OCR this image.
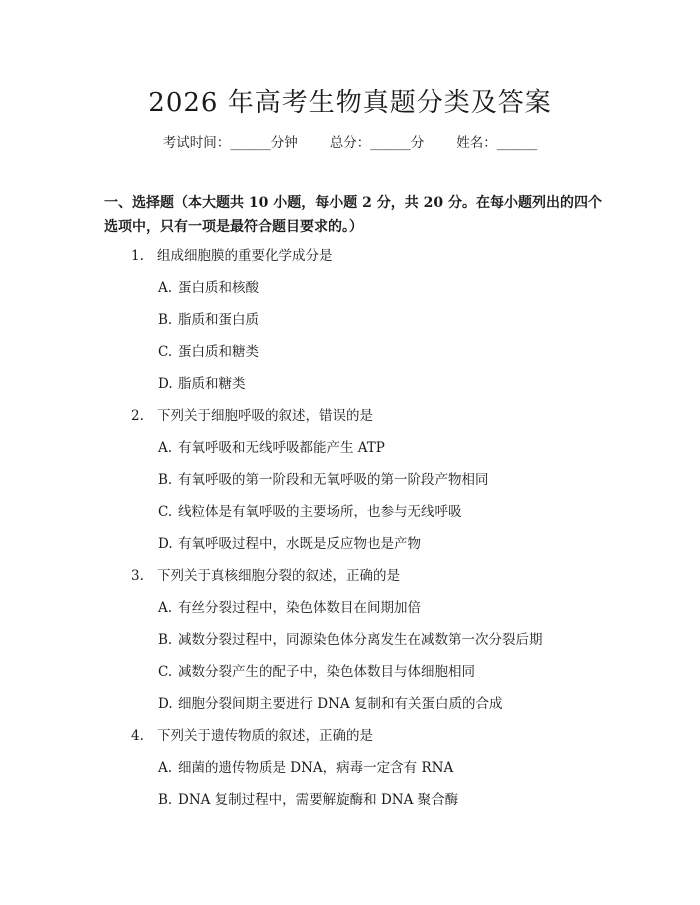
2026 年高考生物真题分类及答案
考试时间：______分钟 总分：______分 姓名：______
一、选择题（本大题共 10 小题，每小题 2 分，共 20 分。在每小题列出的四个选项中，只有一项是最符合题目要求的。）
1. 组成细胞膜的重要化学成分是
A. 蛋白质和核酸
B. 脂质和蛋白质
C. 蛋白质和糖类
D. 脂质和糖类
2. 下列关于细胞呼吸的叙述，错误的是
A. 有氧呼吸和无线呼吸都能产生 ATP
B. 有氧呼吸的第一阶段和无氧呼吸的第一阶段产物相同
C. 线粒体是有氧呼吸的主要场所，也参与无线呼吸
D. 有氧呼吸过程中，水既是反应物也是产物
3. 下列关于真核细胞分裂的叙述，正确的是
A. 有丝分裂过程中，染色体数目在间期加倍
B. 减数分裂过程中，同源染色体分离发生在减数第一次分裂后期
C. 减数分裂产生的配子中，染色体数目与体细胞相同
D. 细胞分裂间期主要进行 DNA 复制和有关蛋白质的合成
4. 下列关于遗传物质的叙述，正确的是
A. 细菌的遗传物质是 DNA，病毒一定含有 RNA
B. DNA 复制过程中，需要解旋酶和 DNA 聚合酶
